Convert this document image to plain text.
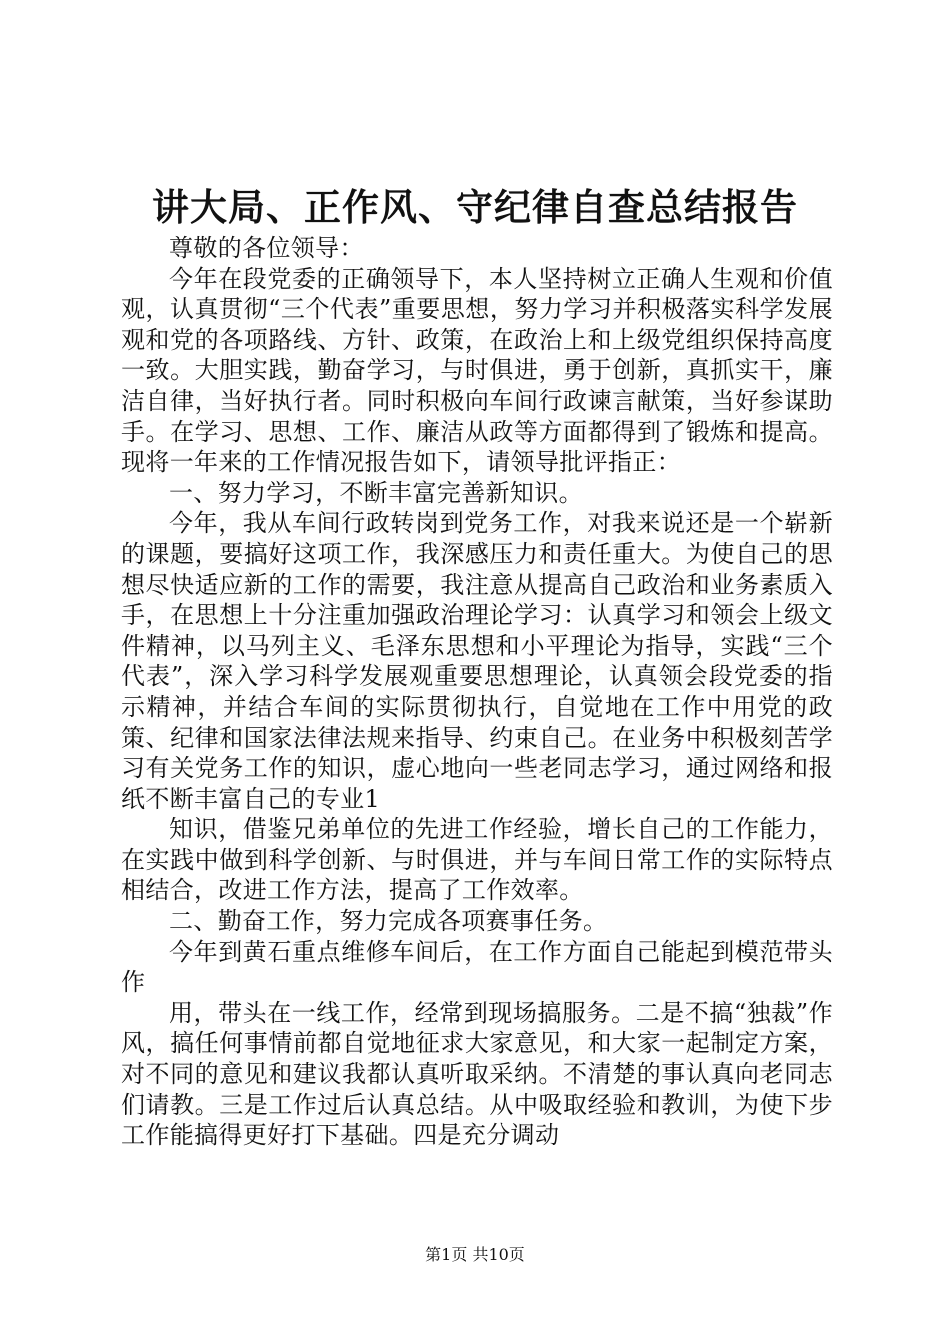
讲大局、正作风、守纪律自查总结报告

尊敬的各位领导：

今年在段党委的正确领导下，本人坚持树立正确人生观和价值观，认真贯彻“三个代表”重要思想，努力学习并积极落实科学发展观和党的各项路线、方针、政策，在政治上和上级党组织保持高度一致。大胆实践，勤奋学习，与时俱进，勇于创新，真抓实干，廉洁自律，当好执行者。同时积极向车间行政谏言献策，当好参谋助手。在学习、思想、工作、廉洁从政等方面都得到了锻炼和提高。现将一年来的工作情况报告如下，请领导批评指正：

一、努力学习，不断丰富完善新知识。

今年，我从车间行政转岗到党务工作，对我来说还是一个崭新的课题，要搞好这项工作，我深感压力和责任重大。为使自己的思想尽快适应新的工作的需要，我注意从提高自己政治和业务素质入手，在思想上十分注重加强政治理论学习：认真学习和领会上级文件精神，以马列主义、毛泽东思想和小平理论为指导，实践“三个代表”，深入学习科学发展观重要思想理论，认真领会段党委的指示精神，并结合车间的实际贯彻执行，自觉地在工作中用党的政策、纪律和国家法律法规来指导、约束自己。在业务中积极刻苦学习有关党务工作的知识，虚心地向一些老同志学习，通过网络和报纸不断丰富自己的专业1

知识，借鉴兄弟单位的先进工作经验，增长自己的工作能力，在实践中做到科学创新、与时俱进，并与车间日常工作的实际特点相结合，改进工作方法，提高了工作效率。

二、勤奋工作，努力完成各项赛事任务。

今年到黄石重点维修车间后，在工作方面自己能起到模范带头作

用，带头在一线工作，经常到现场搞服务。二是不搞“独裁”作风，搞任何事情前都自觉地征求大家意见，和大家一起制定方案，对不同的意见和建议我都认真听取采纳。不清楚的事认真向老同志们请教。三是工作过后认真总结。从中吸取经验和教训，为使下步工作能搞得更好打下基础。四是充分调动

第1页 共10页
